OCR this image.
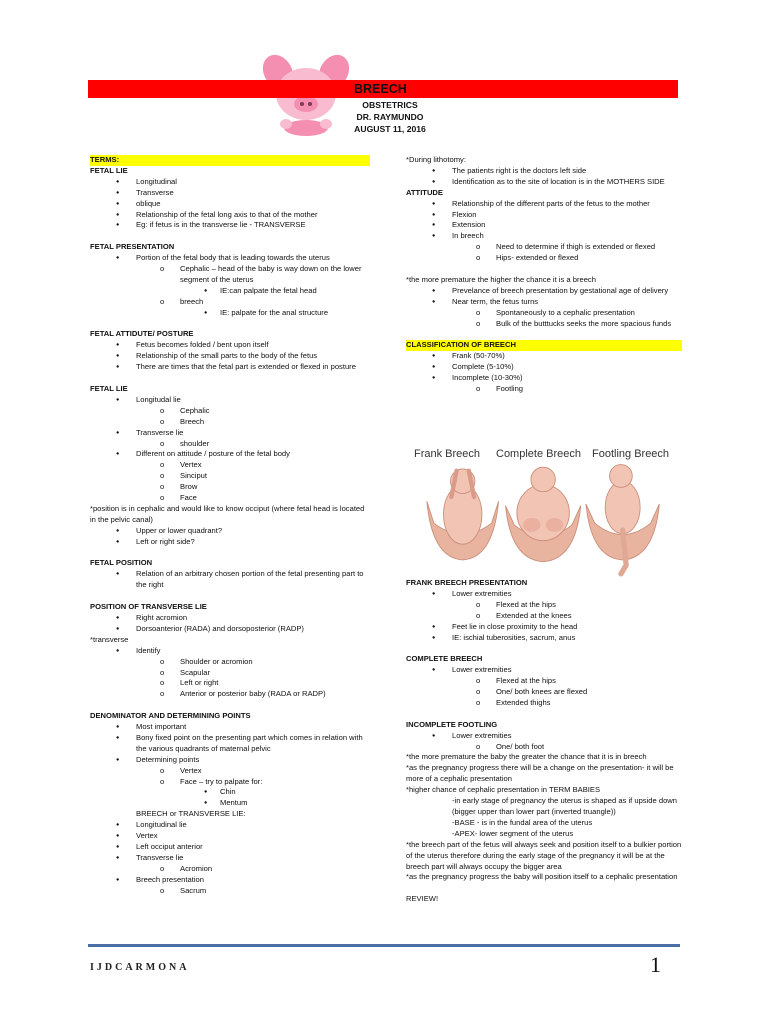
BREECH
OBSTETRICS
DR. RAYMUNDO
AUGUST 11, 2016
TERMS:
FETAL LIE
● Longitudinal
● Transverse
● oblique
● Relationship of the fetal long axis to that of the mother
● Eg: if fetus is in the transverse lie - TRANSVERSE
FETAL PRESENTATION
● Portion of the fetal body that is leading towards the uterus
o Cephalic – head of the baby is way down on the lower segment of the uterus
● IE:can palpate the fetal head
o breech
● IE: palpate for the anal structure
FETAL ATTIDUTE/ POSTURE
● Fetus becomes folded / bent upon itself
● Relationship of the small parts to the body of the fetus
● There are times that the fetal part is extended or flexed in posture
FETAL LIE
● Longitudal lie
o Cephalic
o Breech
● Transverse lie
o shoulder
● Different on attitude / posture of the fetal body
o Vertex
o Sinciput
o Brow
o Face
*position is in cephalic and would like to know occiput (where fetal head is located in the pelvic canal)
● Upper or lower quadrant?
● Left or right side?
FETAL POSITION
● Relation of an arbitrary chosen portion of the fetal presenting part to the right
POSITION OF TRANSVERSE LIE
● Right acromion
● Dorsoanterior (RADA) and dorsoposterior (RADP)
*transverse
● Identify
o Shoulder or acromion
o Scapular
o Left or right
o Anterior or posterior baby (RADA or RADP)
DENOMINATOR AND DETERMINING POINTS
● Most important
● Bony fixed point on the presenting part which comes in relation with the various quadrants of maternal pelvic
● Determining points
o Vertex
o Face – try to palpate for:
● Chin
● Mentum
BREECH or TRANSVERSE LIE:
● Longitudinal lie
● Vertex
● Left occiput anterior
● Transverse lie
o Acromion
● Breech presentation
o Sacrum
*During lithotomy:
● The patients right is the doctors left side
● Identification as to the site of location is in the MOTHERS SIDE
ATTITUDE
● Relationship of the different parts of the fetus to the mother
● Flexion
● Extension
● In breech
o Need to determine if thigh is extended or flexed
o Hips- extended or flexed
*the more premature the higher the chance it is a breech
● Prevelance of breech presentation by gestational age of delivery
● Near term, the fetus turns
o Spontaneously to a cephalic presentation
o Bulk of the butttucks seeks the more spacious funds
CLASSIFICATION OF BREECH
● Frank (50-70%)
● Complete (5-10%)
● Incomplete (10-30%)
o Footling
Frank Breech Complete Breech Footling Breech
FRANK BREECH PRESENTATION
● Lower extremities
o Flexed at the hips
o Extended at the knees
● Feet lie in close proximity to the head
● IE: ischial tuberosities, sacrum, anus
COMPLETE BREECH
● Lower extremities
o Flexed at the hips
o One/ both knees are flexed
o Extended thighs
INCOMPLETE FOOTLING
● Lower extremities
o One/ both foot
*the more premature the baby the greater the chance that it is in breech
*as the pregnancy progress there will be a change on the presentation- it will be more of a cephalic presentation
*higher chance of cephalic presentation in TERM BABIES
-in early stage of pregnancy the uterus is shaped as if upside down (bigger upper than lower part (inverted truangle))
-BASE - is in the fundal area of the uterus
-APEX- lower segment of the uterus
*the breech part of the fetus will always seek and position itself to a bulkier portion of the uterus therefore during the early stage of the pregnancy it will be at the breech part will always occupy the bigger area
*as the pregnancy progress the baby will position itself to a cephalic presentation
REVIEW!
IJDCARMONA	1
